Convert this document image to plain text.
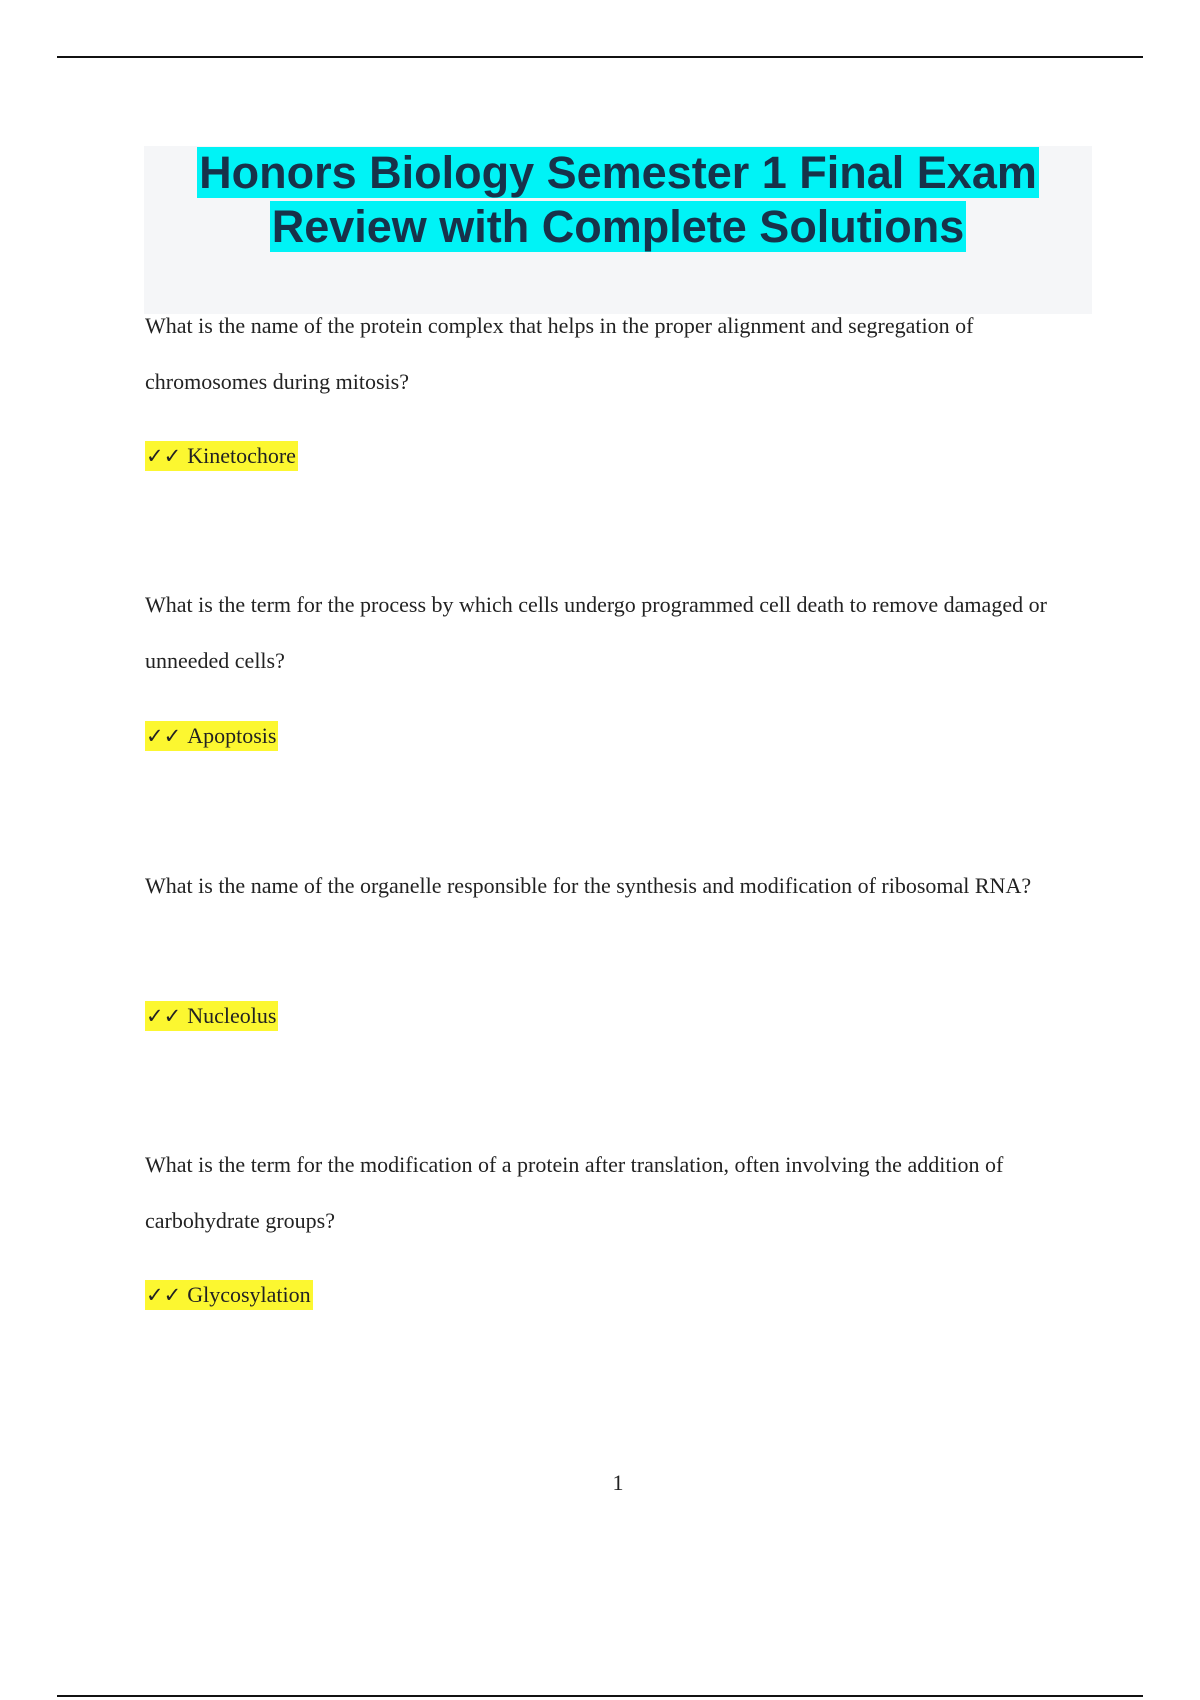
Honors Biology Semester 1 Final Exam Review with Complete Solutions

What is the name of the protein complex that helps in the proper alignment and segregation of chromosomes during mitosis?

✓✓ Kinetochore

What is the term for the process by which cells undergo programmed cell death to remove damaged or unneeded cells?

✓✓ Apoptosis

What is the name of the organelle responsible for the synthesis and modification of ribosomal RNA?

✓✓ Nucleolus

What is the term for the modification of a protein after translation, often involving the addition of carbohydrate groups?

✓✓ Glycosylation

1
